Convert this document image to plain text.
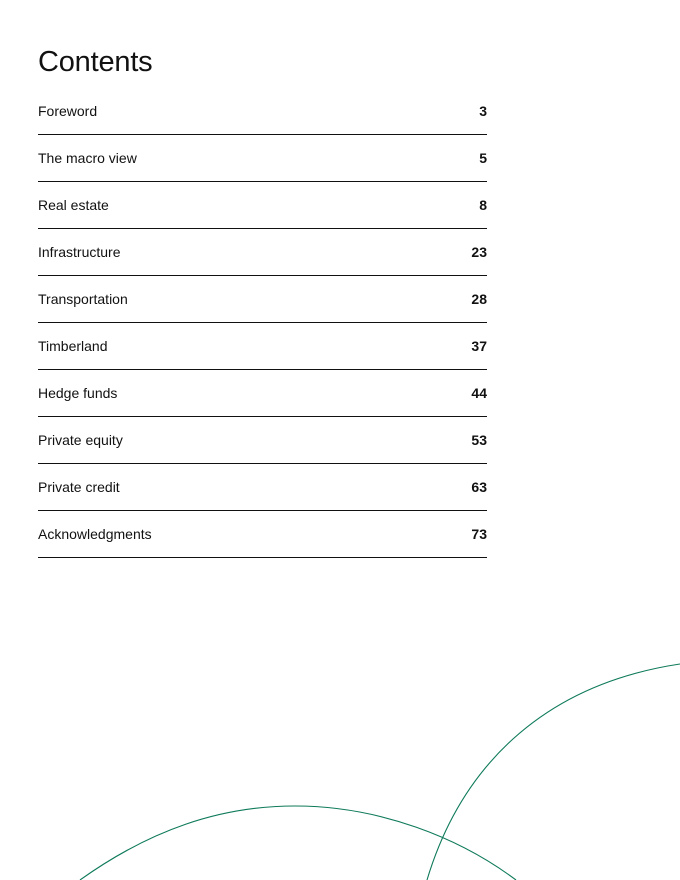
Contents
Foreword	3
The macro view	5
Real estate	8
Infrastructure	23
Transportation	28
Timberland	37
Hedge funds	44
Private equity	53
Private credit	63
Acknowledgments	73
